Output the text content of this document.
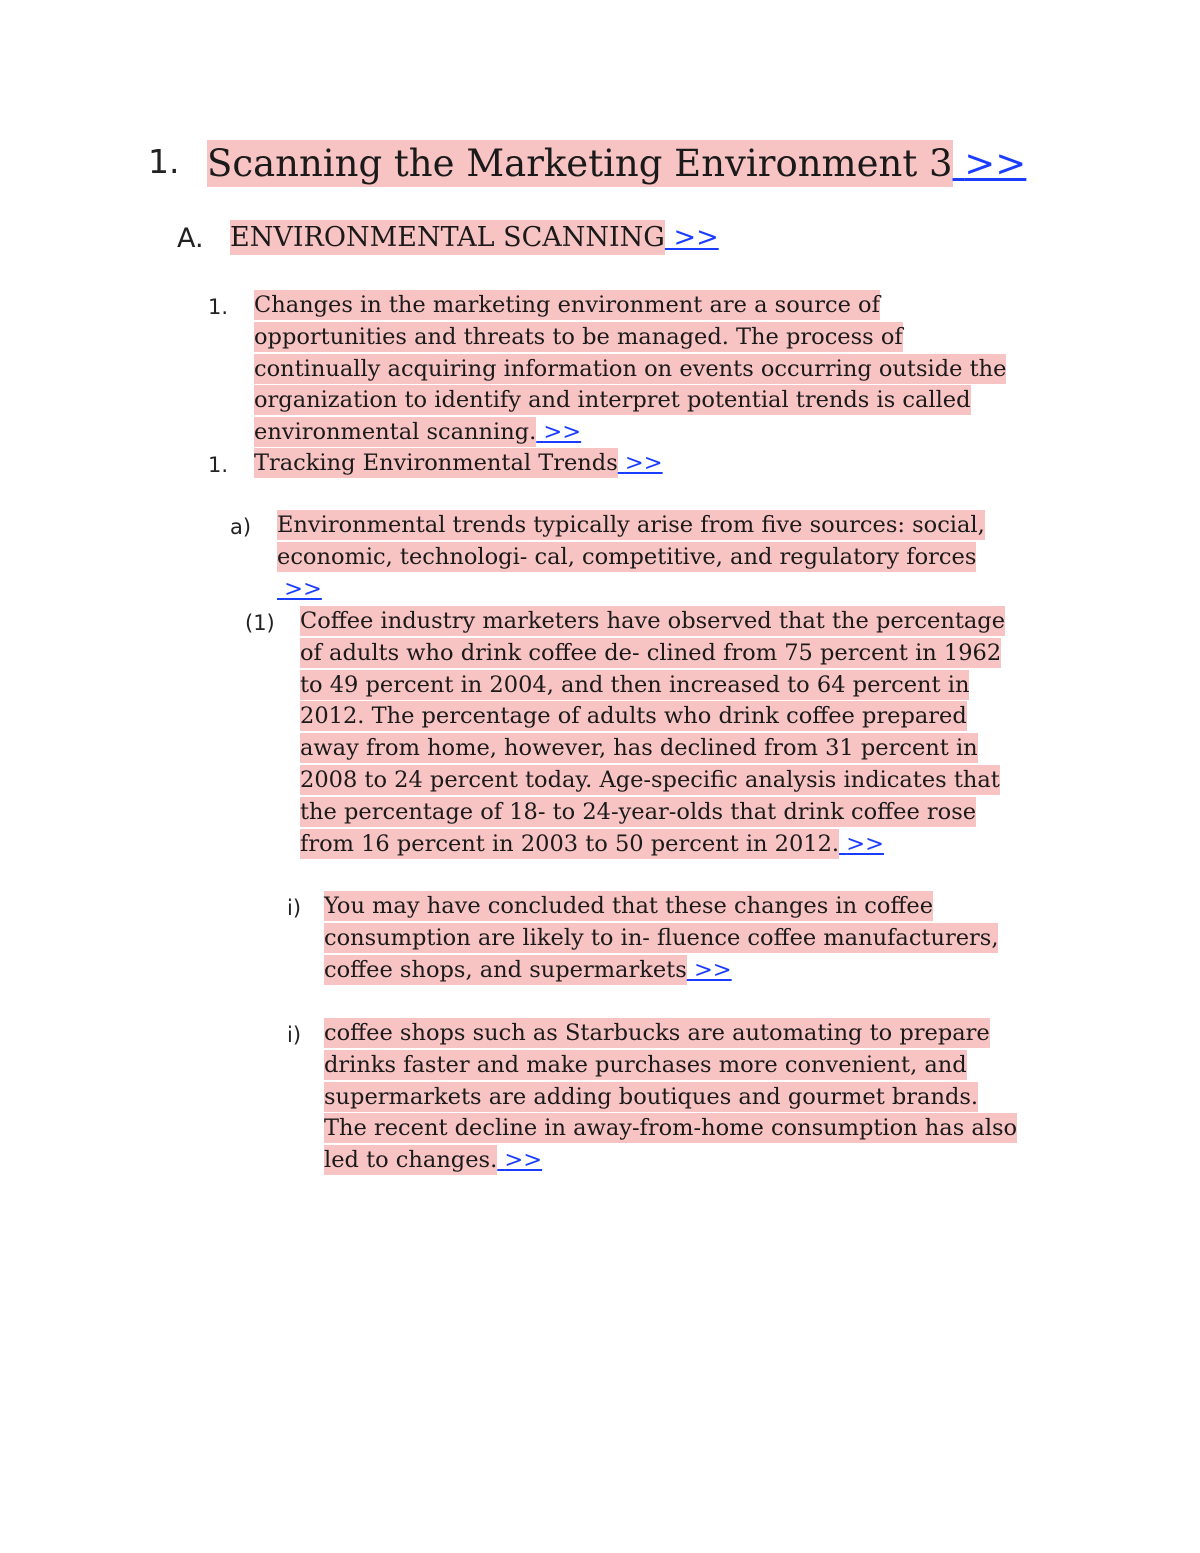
1. Scanning the Marketing Environment 3 >>

A. ENVIRONMENTAL SCANNING >>

1. Changes in the marketing environment are a source of opportunities and threats to be managed. The process of continually acquiring information on events occurring outside the organization to identify and interpret potential trends is called environmental scanning. >>

1. Tracking Environmental Trends >>

a) Environmental trends typically arise from five sources: social, economic, technologi- cal, competitive, and regulatory forces >>

(1) Coffee industry marketers have observed that the percentage of adults who drink coffee de- clined from 75 percent in 1962 to 49 percent in 2004, and then increased to 64 percent in 2012. The percentage of adults who drink coffee prepared away from home, however, has declined from 31 percent in 2008 to 24 percent today. Age-specific analysis indicates that the percentage of 18- to 24-year-olds that drink coffee rose from 16 percent in 2003 to 50 percent in 2012. >>

i) You may have concluded that these changes in coffee consumption are likely to in- fluence coffee manufacturers, coffee shops, and supermarkets >>

i) coffee shops such as Starbucks are automating to prepare drinks faster and make purchases more convenient, and supermarkets are adding boutiques and gourmet brands. The recent decline in away-from-home consumption has also led to changes. >>
